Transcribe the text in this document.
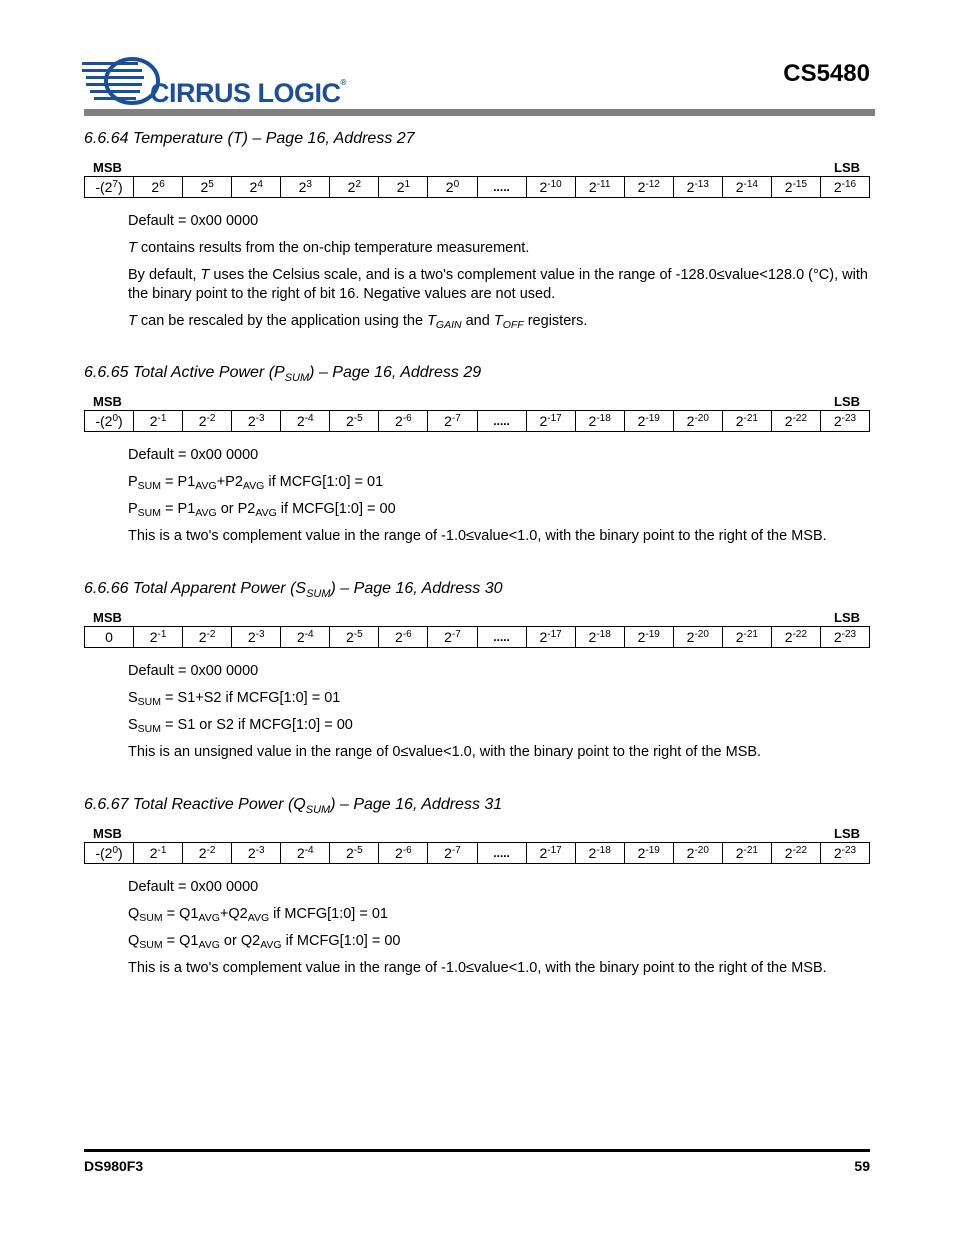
CIRRUS LOGIC®	CS5480

6.6.64 Temperature (T) – Page 16, Address 27

MSB	LSB
$-(2^7)$	$2^6$	$2^5$	$2^4$	$2^3$	$2^2$	$2^1$	$2^0$	.....	$2^{-10}$	$2^{-11}$	$2^{-12}$	$2^{-13}$	$2^{-14}$	$2^{-15}$	$2^{-16}$
Default = 0x00 0000
T contains results from the on-chip temperature measurement.
By default, T uses the Celsius scale, and is a two's complement value in the range of -128.0≤value<128.0 (°C), with the binary point to the right of bit 16. Negative values are not used.
T can be rescaled by the application using the $T_{GAIN}$ and $T_{OFF}$ registers.

6.6.65 Total Active Power $(P_{SUM})$ – Page 16, Address 29

MSB	LSB
$-(2^0)$	$2^{-1}$	$2^{-2}$	$2^{-3}$	$2^{-4}$	$2^{-5}$	$2^{-6}$	$2^{-7}$	.....	$2^{-17}$	$2^{-18}$	$2^{-19}$	$2^{-20}$	$2^{-21}$	$2^{-22}$	$2^{-23}$
Default = 0x00 0000
$P_{SUM} = P1_{AVG}+P2_{AVG}$ if MCFG[1:0] = 01
$P_{SUM} = P1_{AVG}$ or $P2_{AVG}$ if MCFG[1:0] = 00
This is a two's complement value in the range of -1.0≤value<1.0, with the binary point to the right of the MSB.

6.6.66 Total Apparent Power $(S_{SUM})$ – Page 16, Address 30

MSB	LSB
0	$2^{-1}$	$2^{-2}$	$2^{-3}$	$2^{-4}$	$2^{-5}$	$2^{-6}$	$2^{-7}$	.....	$2^{-17}$	$2^{-18}$	$2^{-19}$	$2^{-20}$	$2^{-21}$	$2^{-22}$	$2^{-23}$
Default = 0x00 0000
$S_{SUM} = S1+S2$ if MCFG[1:0] = 01
$S_{SUM} = S1$ or S2 if MCFG[1:0] = 00
This is an unsigned value in the range of 0≤value<1.0, with the binary point to the right of the MSB.

6.6.67 Total Reactive Power $(Q_{SUM})$ – Page 16, Address 31

MSB	LSB
$-(2^0)$	$2^{-1}$	$2^{-2}$	$2^{-3}$	$2^{-4}$	$2^{-5}$	$2^{-6}$	$2^{-7}$	.....	$2^{-17}$	$2^{-18}$	$2^{-19}$	$2^{-20}$	$2^{-21}$	$2^{-22}$	$2^{-23}$
Default = 0x00 0000
$Q_{SUM} = Q1_{AVG}+Q2_{AVG}$ if MCFG[1:0] = 01
$Q_{SUM} = Q1_{AVG}$ or $Q2_{AVG}$ if MCFG[1:0] = 00
This is a two's complement value in the range of -1.0≤value<1.0, with the binary point to the right of the MSB.
DS980F3	59
